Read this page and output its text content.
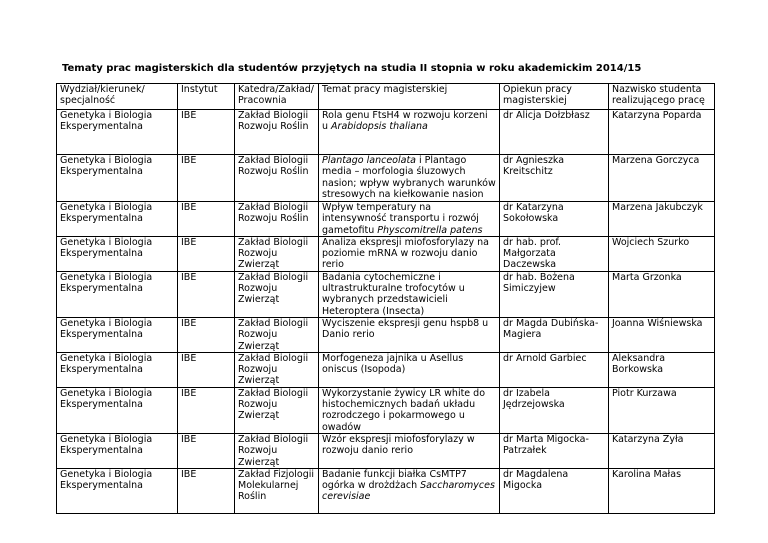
Tematy prac magisterskich dla studentów przyjętych na studia II stopnia w roku akademickim 2014/15
Wydział/kierunek/ specjalność	Instytut	Katedra/Zakład/ Pracownia	Temat pracy magisterskiej	Opiekun pracy magisterskiej	Nazwisko studenta realizującego pracę
Genetyka i Biologia Eksperymentalna	IBE	Zakład Biologii Rozwoju Roślin	Rola genu FtsH4 w rozwoju korzeni u Arabidopsis thaliana	dr Alicja Dołzbłasz	Katarzyna Poparda
Genetyka i Biologia Eksperymentalna	IBE	Zakład Biologii Rozwoju Roślin	Plantago lanceolata i Plantago media – morfologia śluzowych nasion; wpływ wybranych warunków stresowych na kiełkowanie nasion	dr Agnieszka Kreitschitz	Marzena Gorczyca
Genetyka i Biologia Eksperymentalna	IBE	Zakład Biologii Rozwoju Roślin	Wpływ temperatury na intensywność transportu i rozwój gametofitu Physcomitrella patens	dr Katarzyna Sokołowska	Marzena Jakubczyk
Genetyka i Biologia Eksperymentalna	IBE	Zakład Biologii Rozwoju Zwierząt	Analiza ekspresji miofosforylazy na poziomie mRNA w rozwoju danio rerio	dr hab. prof. Małgorzata Daczewska	Wojciech Szurko
Genetyka i Biologia Eksperymentalna	IBE	Zakład Biologii Rozwoju Zwierząt	Badania cytochemiczne i ultrastrukturalne trofocytów u wybranych przedstawicieli Heteroptera (Insecta)	dr hab. Bożena Simiczyjew	Marta Grzonka
Genetyka i Biologia Eksperymentalna	IBE	Zakład Biologii Rozwoju Zwierząt	Wyciszenie ekspresji genu hspb8 u Danio rerio	dr Magda Dubińska-Magiera	Joanna Wiśniewska
Genetyka i Biologia Eksperymentalna	IBE	Zakład Biologii Rozwoju Zwierząt	Morfogeneza jajnika u Asellus oniscus (Isopoda)	dr Arnold Garbiec	Aleksandra Borkowska
Genetyka i Biologia Eksperymentalna	IBE	Zakład Biologii Rozwoju Zwierząt	Wykorzystanie żywicy LR white do histochemicznych badań układu rozrodczego i pokarmowego u owadów	dr Izabela Jędrzejowska	Piotr Kurzawa
Genetyka i Biologia Eksperymentalna	IBE	Zakład Biologii Rozwoju Zwierząt	Wzór ekspresji miofosforylazy w rozwoju danio rerio	dr Marta Migocka-Patrzałek	Katarzyna Żyła
Genetyka i Biologia Eksperymentalna	IBE	Zakład Fizjologii Molekularnej Roślin	Badanie funkcji białka CsMTP7 ogórka w drożdżach Saccharomyces cerevisiae	dr Magdalena Migocka	Karolina Małas
